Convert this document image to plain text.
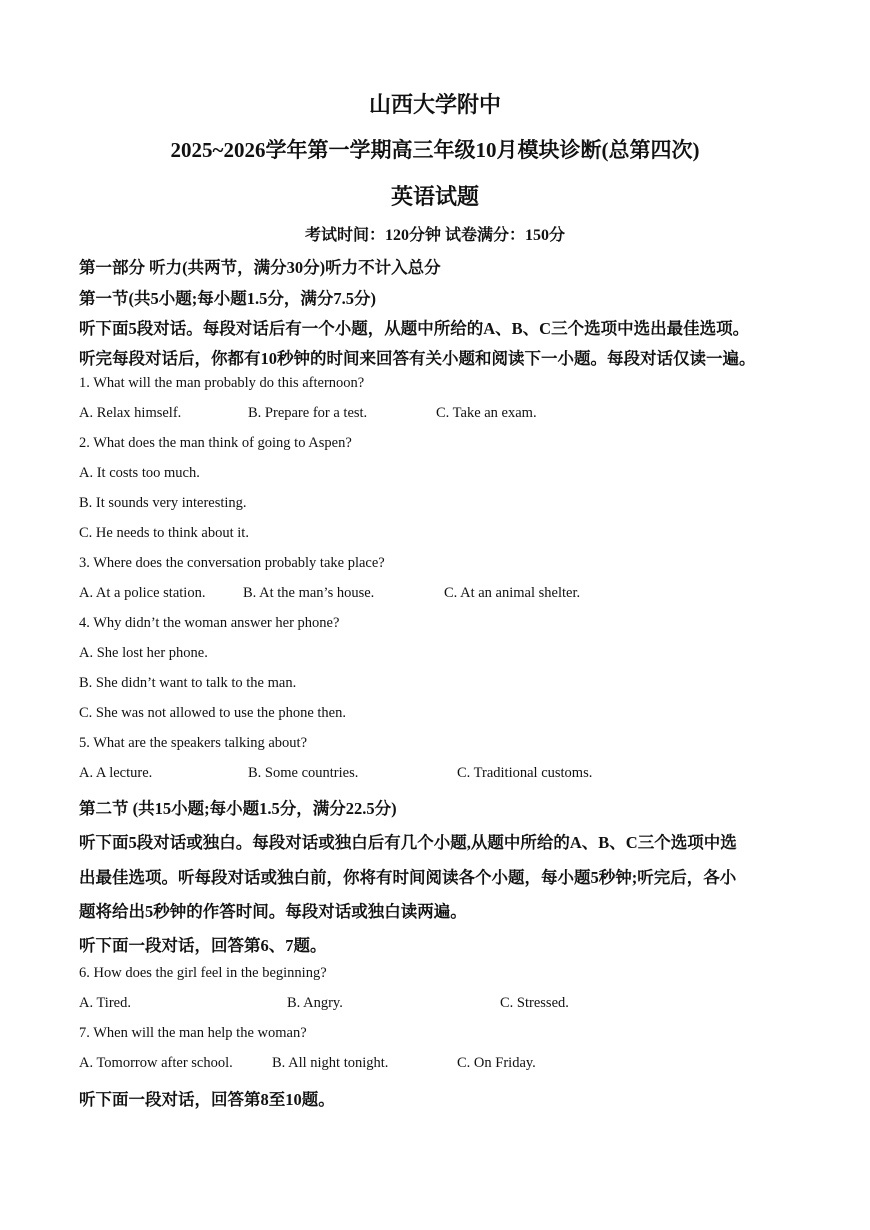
山西大学附中
2025~2026学年第一学期高三年级10月模块诊断(总第四次)
英语试题
考试时间：120分钟 试卷满分：150分
第一部分 听力(共两节，满分30分)听力不计入总分
第一节(共5小题;每小题1.5分，满分7.5分)
听下面5段对话。每段对话后有一个小题，从题中所给的A、B、C三个选项中选出最佳选项。
听完每段对话后，你都有10秒钟的时间来回答有关小题和阅读下一小题。每段对话仅读一遍。
1. What will the man probably do this afternoon?
A. Relax himself.	B. Prepare for a test.	C. Take an exam.
2. What does the man think of going to Aspen?
A. It costs too much.
B. It sounds very interesting.
C. He needs to think about it.
3. Where does the conversation probably take place?
A. At a police station.	B. At the man’s house.	C. At an animal shelter.
4. Why didn’t the woman answer her phone?
A. She lost her phone.
B. She didn’t want to talk to the man.
C. She was not allowed to use the phone then.
5. What are the speakers talking about?
A. A lecture.	B. Some countries.	C. Traditional customs.
第二节 (共15小题;每小题1.5分，满分22.5分)
听下面5段对话或独白。每段对话或独白后有几个小题,从题中所给的A、B、C三个选项中选
出最佳选项。听每段对话或独白前，你将有时间阅读各个小题，每小题5秒钟;听完后，各小
题将给出5秒钟的作答时间。每段对话或独白读两遍。
听下面一段对话，回答第6、7题。
6. How does the girl feel in the beginning?
A. Tired.	B. Angry.	C. Stressed.
7. When will the man help the woman?
A. Tomorrow after school.	B. All night tonight.	C. On Friday.
听下面一段对话，回答第8至10题。
